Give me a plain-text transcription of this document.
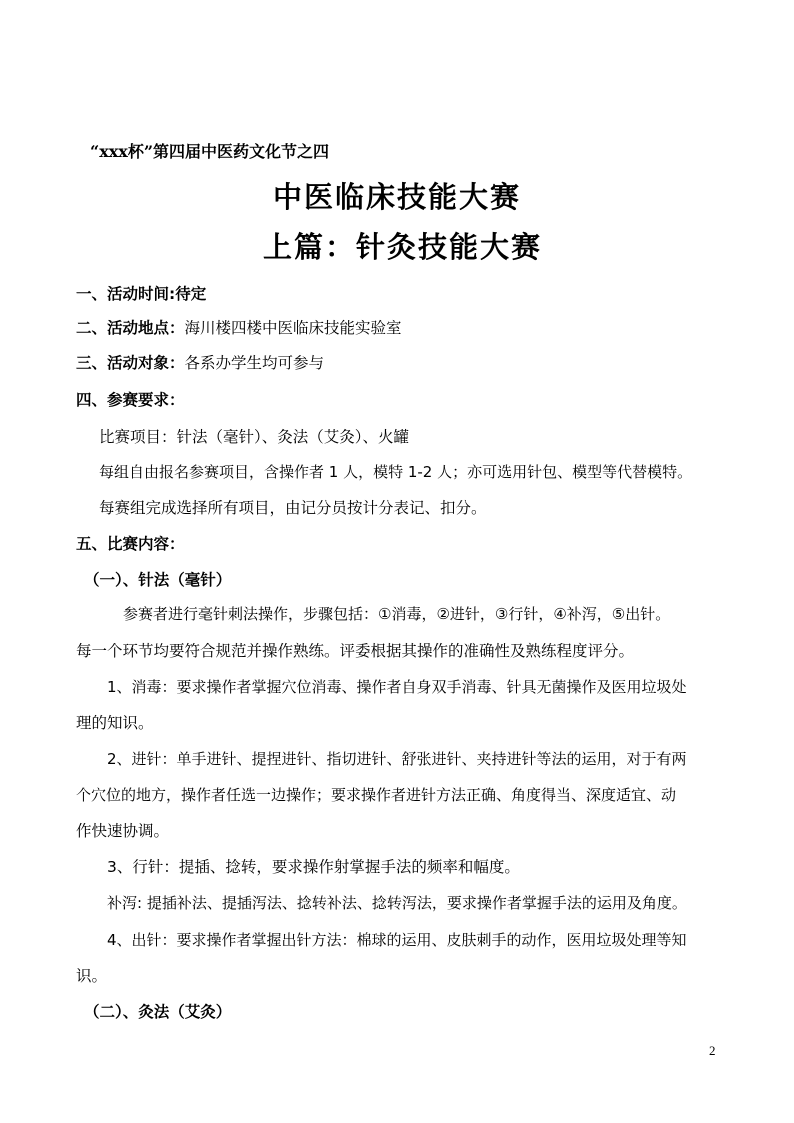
“xxx杯”第四届中医药文化节之四
中医临床技能大赛
上篇：针灸技能大赛
一、活动时间:待定
二、活动地点：海川楼四楼中医临床技能实验室
三、活动对象：各系办学生均可参与
四、参赛要求：
比赛项目：针法（毫针）、灸法（艾灸）、火罐
每组自由报名参赛项目，含操作者 1 人，模特 1-2 人；亦可选用针包、模型等代替模特。
每赛组完成选择所有项目，由记分员按计分表记、扣分。
五、比赛内容：
（一）、针法（毫针）
参赛者进行毫针刺法操作，步骤包括：①消毒，②进针，③行针，④补泻，⑤出针。
每一个环节均要符合规范并操作熟练。评委根据其操作的准确性及熟练程度评分。
1、消毒：要求操作者掌握穴位消毒、操作者自身双手消毒、针具无菌操作及医用垃圾处
理的知识。
2、进针：单手进针、提捏进针、指切进针、舒张进针、夹持进针等法的运用，对于有两
个穴位的地方，操作者任选一边操作；要求操作者进针方法正确、角度得当、深度适宜、动
作快速协调。
3、行针：提插、捻转，要求操作射掌握手法的频率和幅度。
补泻: 提插补法、提插泻法、捻转补法、捻转泻法，要求操作者掌握手法的运用及角度。
4、出针：要求操作者掌握出针方法：棉球的运用、皮肤刺手的动作，医用垃圾处理等知
识。
（二）、灸法（艾灸）
2
